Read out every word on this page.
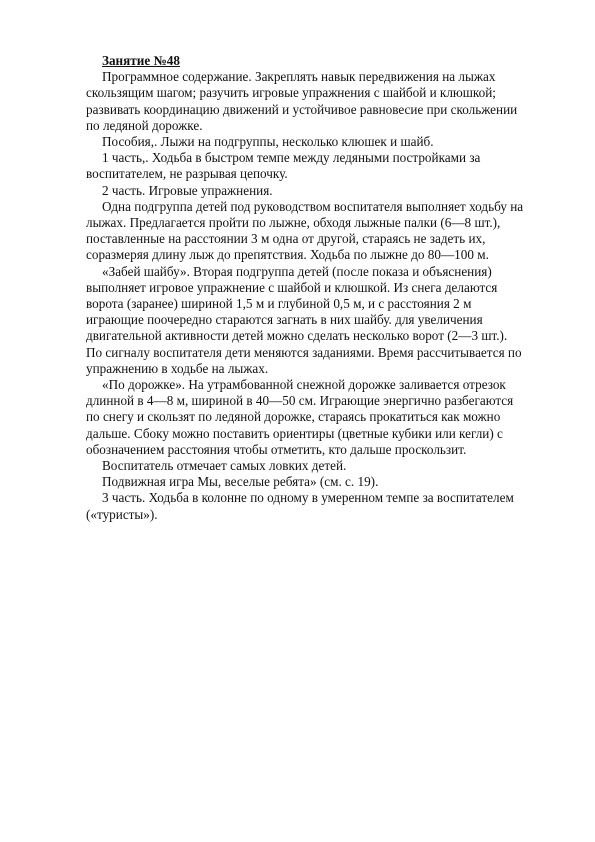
Занятие №48

Программное содержание. Закреплять навык передвижения на лыжах скользящим шагом; разучить игровые упражнения с шайбой и клюшкой; развивать координацию движений и устойчивое равновесие при скольжении по ледяной дорожке.

Пособия,. Лыжи на подгруппы, несколько клюшек и шайб.

1 часть,. Ходьба в быстром темпе между ледяными постройками за воспитателем, не разрывая цепочку.

2 часть. Игровые упражнения.

Одна подгруппа детей под руководством воспитателя выполняет ходьбу на лыжах. Предлагается пройти по лыжне, обходя лыжные палки (6—8 шт.), поставленные на расстоянии 3 м одна от другой, стараясь не задеть их, соразмеряя длину лыж до препятствия. Ходьба по лыжне до 80—100 м.

«Забей шайбу». Вторая подгруппа детей (после показа и объяснения) выполняет игровое упражнение с шайбой и клюшкой. Из снега делаются ворота (заранее) шириной 1,5 м и глубиной 0,5 м, и с расстояния 2 м играющие поочередно стараются загнать в них шайбу. для увеличения двигательной активности детей можно сделать несколько ворот (2—3 шт.). По сигналу воспитателя дети меняются заданиями. Время рассчитывается по упражнению в ходьбе на лыжах.

«По дорожке». На утрамбованной снежной дорожке заливается отрезок длинной в 4—8 м, шириной в 40—50 см. Играющие энергично разбегаются по снегу и скользят по ледяной дорожке, стараясь прокатиться как можно дальше. Сбоку можно поставить ориентиры (цветные кубики или кегли) с обозначением расстояния чтобы отметить, кто дальше проскользит.

Воспитатель отмечает самых ловких детей.

Подвижная игра Мы, веселые ребята» (см. с. 19).

3 часть. Ходьба в колонне по одному в умеренном темпе за воспитателем («туристы»).
